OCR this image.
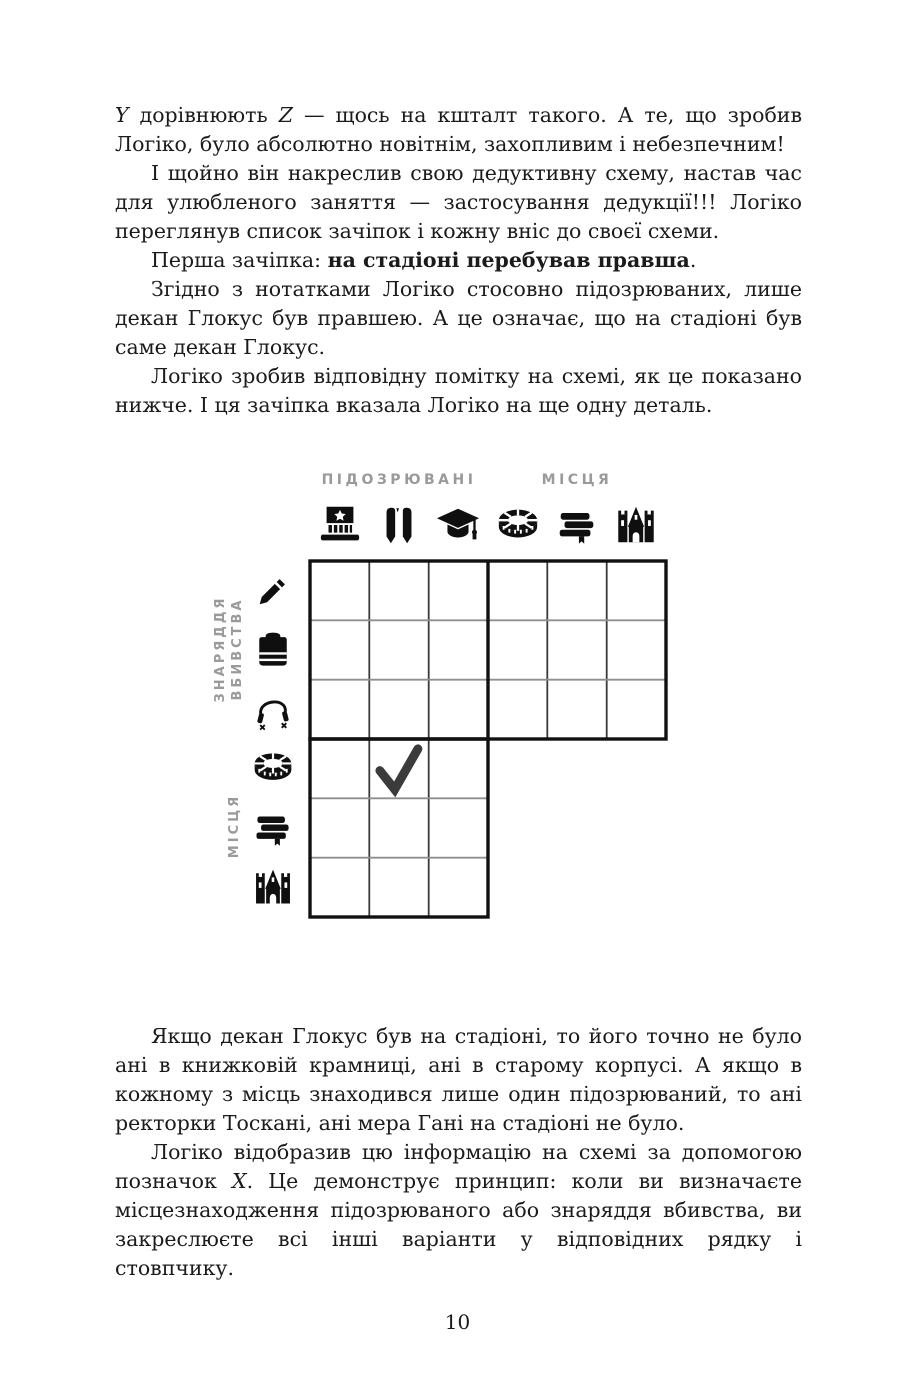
Y дорівнюють Z — щось на кшталт такого. А те, що зробив Логіко, було абсолютно новітнім, захопливим і небезпечним!

І щойно він накреслив свою дедуктивну схему, настав час для улюбленого заняття — застосування дедукції!!! Логіко переглянув список зачіпок і кожну вніс до своєї схеми.

Перша зачіпка: на стадіоні перебував правша.

Згідно з нотатками Логіко стосовно підозрюваних, лише декан Глокус був правшею. А це означає, що на стадіоні був саме декан Глокус.

Логіко зробив відповідну помітку на схемі, як це показано нижче. І ця зачіпка вказала Логіко на ще одну деталь.

ПІДОЗРЮВАНІ	МІСЦЯ
ЗНАРЯДДЯ ВБИВСТВА
МІСЦЯ

Якщо декан Глокус був на стадіоні, то його точно не було ані в книжковій крамниці, ані в старому корпусі. А якщо в кожному з місць знаходився лише один підозрюваний, то ані ректорки Тоскані, ані мера Гані на стадіоні не було.

Логіко відобразив цю інформацію на схемі за допомогою позначок X. Це демонструє принцип: коли ви визначаєте місцезнаходження підозрюваного або знаряддя вбивства, ви закреслюєте всі інші варіанти у відповідних рядку і стовпчику.

10
